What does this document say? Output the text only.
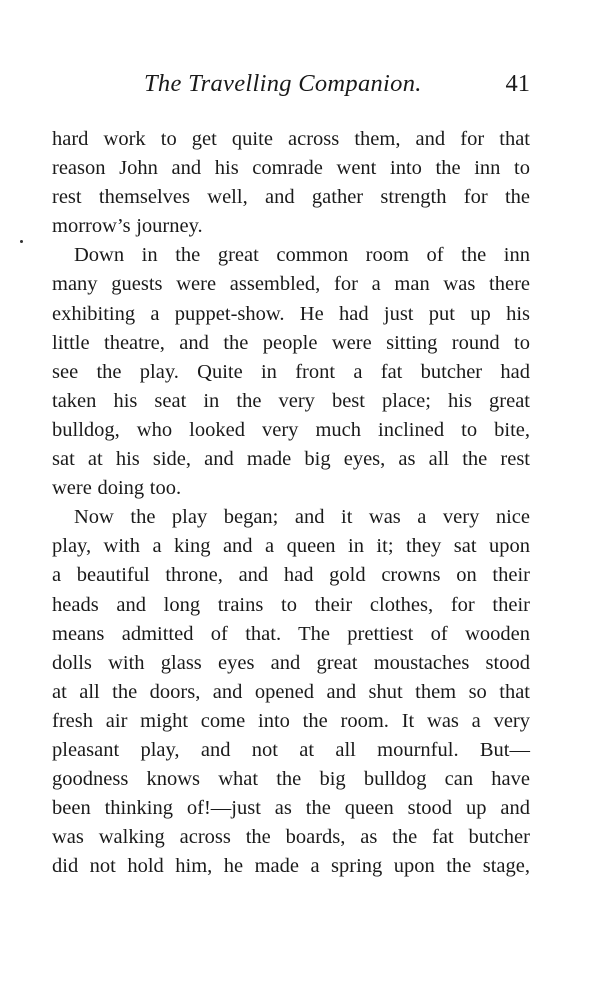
The Travelling Companion.	41
hard work to get quite across them, and for that
reason John and his comrade went into the inn to
rest themselves well, and gather strength for the
morrow’s journey.
Down in the great common room of the inn
many guests were assembled, for a man was there
exhibiting a puppet-show. He had just put up his
little theatre, and the people were sitting round to
see the play. Quite in front a fat butcher had
taken his seat in the very best place; his great
bulldog, who looked very much inclined to bite,
sat at his side, and made big eyes, as all the rest
were doing too.
Now the play began; and it was a very nice
play, with a king and a queen in it; they sat upon
a beautiful throne, and had gold crowns on their
heads and long trains to their clothes, for their
means admitted of that. The prettiest of wooden
dolls with glass eyes and great moustaches stood
at all the doors, and opened and shut them so that
fresh air might come into the room. It was a very
pleasant play, and not at all mournful. But—
goodness knows what the big bulldog can have
been thinking of!—just as the queen stood up and
was walking across the boards, as the fat butcher
did not hold him, he made a spring upon the stage,
